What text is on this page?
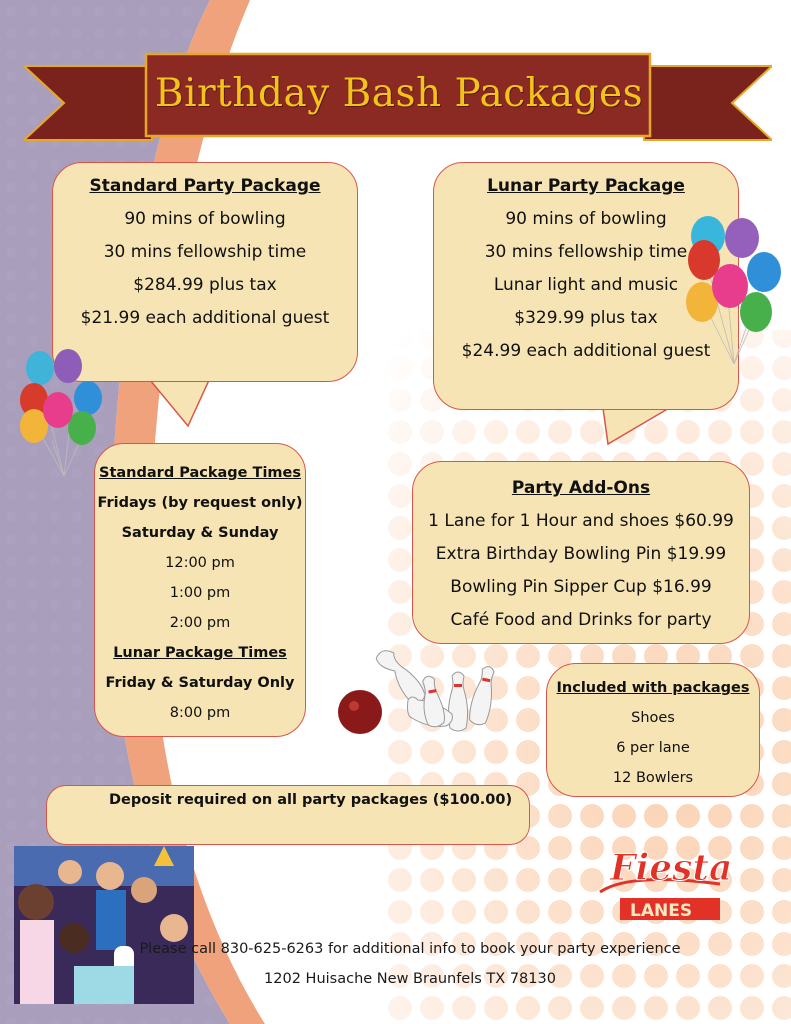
Birthday Bash Packages
Standard Party Package
90 mins of bowling
30 mins fellowship time
$284.99 plus tax
$21.99 each additional guest
Lunar Party Package
90 mins of bowling
30 mins fellowship time
Lunar light and music
$329.99 plus tax
$24.99 each additional guest
Standard Package Times
Fridays (by request only)
Saturday & Sunday
12:00 pm
1:00 pm
2:00 pm
Lunar Package Times
Friday & Saturday Only
8:00 pm
Party Add-Ons
1 Lane for 1 Hour and shoes $60.99
Extra Birthday Bowling Pin $19.99
Bowling Pin Sipper Cup $16.99
Café Food and Drinks for party
Included with packages
Shoes
6 per lane
12 Bowlers
Deposit required on all party packages ($100.00)
Fiesta
LANES
Please call 830-625-6263 for additional info to book your party experience
1202 Huisache New Braunfels TX 78130
